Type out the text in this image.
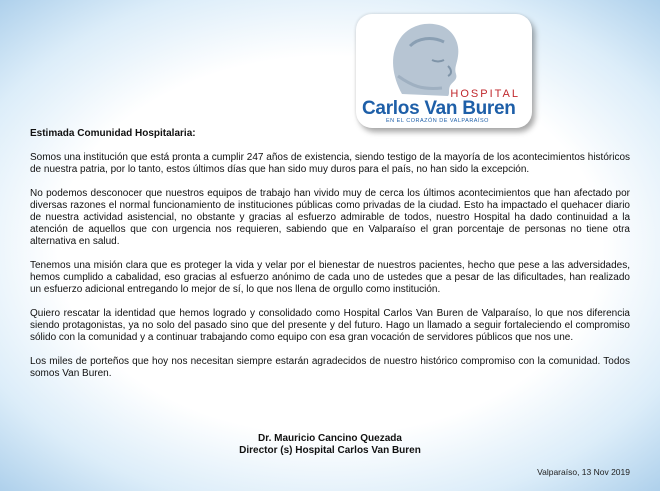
HOSPITAL
Carlos Van Buren
EN EL CORAZÓN DE VALPARAÍSO

Estimada Comunidad Hospitalaria:

Somos una institución que está pronta a cumplir 247 años de existencia, siendo testigo de la mayoría de los acontecimientos históricos de nuestra patria, por lo tanto, estos últimos días que han sido muy duros para el país, no han sido la excepción.

No podemos desconocer que nuestros equipos de trabajo han vivido muy de cerca los últimos acontecimientos que han afectado por diversas razones el normal funcionamiento de instituciones públicas como privadas de la ciudad. Esto ha impactado el quehacer diario de nuestra actividad asistencial, no obstante y gracias al esfuerzo admirable de todos, nuestro Hospital ha dado continuidad a la atención de aquellos que con urgencia nos requieren, sabiendo que en Valparaíso el gran porcentaje de personas no tiene otra alternativa en salud.

Tenemos una misión clara que es proteger la vida y velar por el bienestar de nuestros pacientes, hecho que pese a las adversidades, hemos cumplido a cabalidad, eso gracias al esfuerzo anónimo de cada uno de ustedes que a pesar de las dificultades, han realizado un esfuerzo adicional entregando lo mejor de sí, lo que nos llena de orgullo como institución.

Quiero rescatar la identidad que hemos logrado y consolidado como Hospital Carlos Van Buren de Valparaíso, lo que nos diferencia siendo protagonistas, ya no solo del pasado sino que del presente y del futuro. Hago un llamado a seguir fortaleciendo el compromiso sólido con la comunidad y a continuar trabajando como equipo con esa gran vocación de servidores públicos que nos une.

Los miles de porteños que hoy nos necesitan siempre estarán agradecidos de nuestro histórico compromiso con la comunidad. Todos somos Van Buren.

Dr. Mauricio Cancino Quezada
Director (s) Hospital Carlos Van Buren
Valparaíso, 13 Nov 2019
